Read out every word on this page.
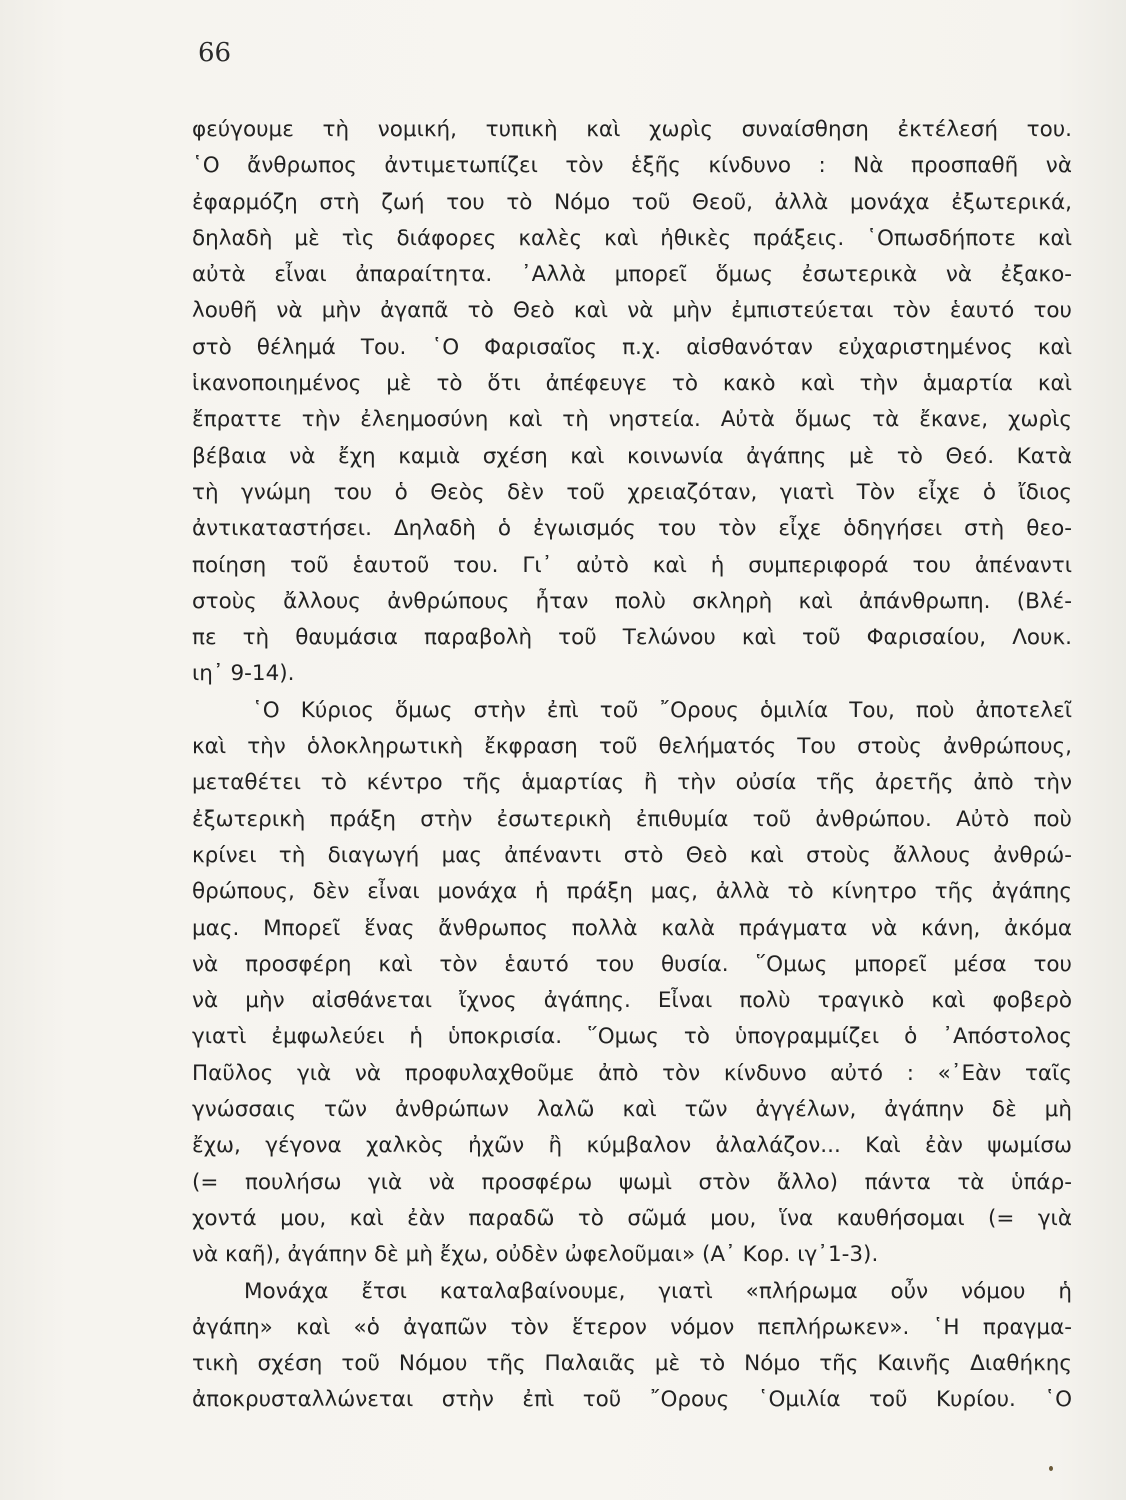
66
φεύγουμε τὴ νομική, τυπικὴ καὶ χωρὶς συναίσθηση ἐκτέλεσή του.
῾Ο ἄνθρωπος ἀντιμετωπίζει τὸν ἑξῆς κίνδυνο : Νὰ προσπαθῆ νὰ
ἐφαρμόζη στὴ ζωή του τὸ Νόμο τοῦ Θεοῦ, ἀλλὰ μονάχα ἐξωτερικά,
δηλαδὴ μὲ τὶς διάφορες καλὲς καὶ ἠθικὲς πράξεις. ῾Οπωσδήποτε καὶ
αὐτὰ εἶναι ἀπαραίτητα. ᾿Αλλὰ μπορεῖ ὅμως ἐσωτερικὰ νὰ ἐξακο-
λουθῆ νὰ μὴν ἀγαπᾶ τὸ Θεὸ καὶ νὰ μὴν ἐμπιστεύεται τὸν ἑαυτό του
στὸ θέλημά Του. ῾Ο Φαρισαῖος π.χ. αἰσθανόταν εὐχαριστημένος καὶ
ἱκανοποιημένος μὲ τὸ ὅτι ἀπέφευγε τὸ κακὸ καὶ τὴν ἁμαρτία καὶ
ἔπραττε τὴν ἐλεημοσύνη καὶ τὴ νηστεία. Αὐτὰ ὅμως τὰ ἔκανε, χωρὶς
βέβαια νὰ ἔχη καμιὰ σχέση καὶ κοινωνία ἀγάπης μὲ τὸ Θεό. Κατὰ
τὴ γνώμη του ὁ Θεὸς δὲν τοῦ χρειαζόταν, γιατὶ Τὸν εἶχε ὁ ἴδιος
ἀντικαταστήσει. Δηλαδὴ ὁ ἐγωισμός του τὸν εἶχε ὁδηγήσει στὴ θεο-
ποίηση τοῦ ἑαυτοῦ του. Γι᾿ αὐτὸ καὶ ἡ συμπεριφορά του ἀπέναντι
στοὺς ἄλλους ἀνθρώπους ἦταν πολὺ σκληρὴ καὶ ἀπάνθρωπη. (Βλέ-
πε τὴ θαυμάσια παραβολὴ τοῦ Τελώνου καὶ τοῦ Φαρισαίου, Λουκ.
ιη᾿ 9-14).
῾Ο Κύριος ὅμως στὴν ἐπὶ τοῦ ῎Ορους ὁμιλία Του, ποὺ ἀποτελεῖ
καὶ τὴν ὁλοκληρωτικὴ ἔκφραση τοῦ θελήματός Του στοὺς ἀνθρώπους,
μεταθέτει τὸ κέντρο τῆς ἁμαρτίας ἢ τὴν οὐσία τῆς ἀρετῆς ἀπὸ τὴν
ἐξωτερικὴ πράξη στὴν ἐσωτερικὴ ἐπιθυμία τοῦ ἀνθρώπου. Αὐτὸ ποὺ
κρίνει τὴ διαγωγή μας ἀπέναντι στὸ Θεὸ καὶ στοὺς ἄλλους ἀνθρώ-
θρώπους, δὲν εἶναι μονάχα ἡ πράξη μας, ἀλλὰ τὸ κίνητρο τῆς ἀγάπης
μας. Μπορεῖ ἕνας ἄνθρωπος πολλὰ καλὰ πράγματα νὰ κάνη, ἀκόμα
νὰ προσφέρη καὶ τὸν ἑαυτό του θυσία. ῞Ομως μπορεῖ μέσα του
νὰ μὴν αἰσθάνεται ἴχνος ἀγάπης. Εἶναι πολὺ τραγικὸ καὶ φοβερὸ
γιατὶ ἐμφωλεύει ἡ ὑποκρισία. ῞Ομως τὸ ὑπογραμμίζει ὁ ᾿Απόστολος
Παῦλος γιὰ νὰ προφυλαχθοῦμε ἀπὸ τὸν κίνδυνο αὐτό : «᾿Εὰν ταῖς
γνώσσαις τῶν ἀνθρώπων λαλῶ καὶ τῶν ἀγγέλων, ἀγάπην δὲ μὴ
ἔχω, γέγονα χαλκὸς ἠχῶν ἢ κύμβαλον ἀλαλάζον... Καὶ ἐὰν ψωμίσω
(= πουλήσω γιὰ νὰ προσφέρω ψωμὶ στὸν ἄλλο) πάντα τὰ ὑπάρ-
χοντά μου, καὶ ἐὰν παραδῶ τὸ σῶμά μου, ἵνα καυθήσομαι (= γιὰ
νὰ καῆ), ἀγάπην δὲ μὴ ἔχω, οὐδὲν ὠφελοῦμαι» (Α᾿ Κορ. ιγ᾿1-3).
Μονάχα ἔτσι καταλαβαίνουμε, γιατὶ «πλήρωμα οὖν νόμου ἡ
ἀγάπη» καὶ «ὁ ἀγαπῶν τὸν ἕτερον νόμον πεπλήρωκεν». ῾Η πραγμα-
τικὴ σχέση τοῦ Νόμου τῆς Παλαιᾶς μὲ τὸ Νόμο τῆς Καινῆς Διαθήκης
ἀποκρυσταλλώνεται στὴν ἐπὶ τοῦ ῎Ορους ῾Ομιλία τοῦ Κυρίου. ῾Ο
